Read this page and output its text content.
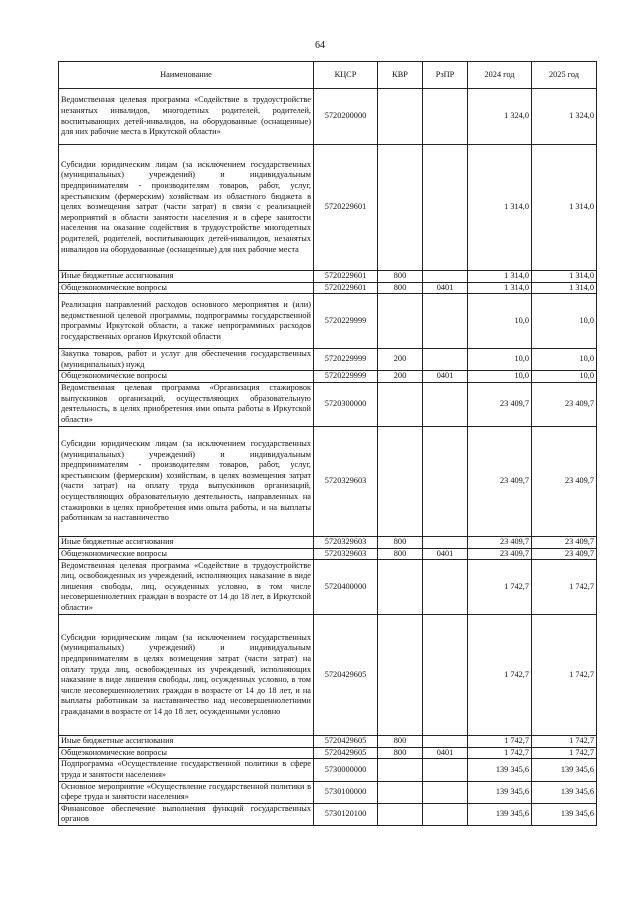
64
Наименование	КЦСР	КВР	РзПР	2024 год	2025 год
Ведомственная целевая программа «Содействие в трудоустройстве незанятых инвалидов, многодетных родителей, родителей, воспитывающих детей-инвалидов, на оборудованные (оснащенные) для них рабочие места в Иркутской области»	5720200000			1 324,0	1 324,0
Субсидии юридическим лицам (за исключением государственных (муниципальных) учреждений) и индивидуальным предпринимателям - производителям товаров, работ, услуг, крестьянским (фермерским) хозяйствам из областного бюджета в целях возмещения затрат (части затрат) в связи с реализацией мероприятий в области занятости населения и в сфере занятости населения на оказание содействия в трудоустройстве многодетных родителей, родителей, воспитывающих детей-инвалидов, незанятых инвалидов на оборудованные (оснащенные) для них рабочие места	5720229601			1 314,0	1 314,0
Иные бюджетные ассигнования	5720229601	800		1 314,0	1 314,0
Общеэкономические вопросы	5720229601	800	0401	1 314,0	1 314,0
Реализация направлений расходов основного мероприятия и (или) ведомственной целевой программы, подпрограммы государственной программы Иркутской области, а также непрограммных расходов государственных органов Иркутской области	5720229999			10,0	10,0
Закупка товаров, работ и услуг для обеспечения государственных (муниципальных) нужд	5720229999	200		10,0	10,0
Общеэкономические вопросы	5720229999	200	0401	10,0	10,0
Ведомственная целевая программа «Организация стажировок выпускников организаций, осуществляющих образовательную деятельность, в целях приобретения ими опыта работы в Иркутской области»	5720300000			23 409,7	23 409,7
Субсидии юридическим лицам (за исключением государственных (муниципальных) учреждений) и индивидуальным предпринимателям - производителям товаров, работ, услуг, крестьянским (фермерским) хозяйствам, в целях возмещения затрат (части затрат) на оплату труда выпускников организаций, осуществляющих образовательную деятельность, направленных на стажировки в целях приобретения ими опыта работы, и на выплаты работникам за наставничество	5720329603			23 409,7	23 409,7
Иные бюджетные ассигнования	5720329603	800		23 409,7	23 409,7
Общеэкономические вопросы	5720329603	800	0401	23 409,7	23 409,7
Ведомственная целевая программа «Содействие в трудоустройстве лиц, освобожденных из учреждений, исполняющих наказание в виде лишения свободы, лиц, осужденных условно, в том числе несовершеннолетних граждан в возрасте от 14 до 18 лет, в Иркутской области»	5720400000			1 742,7	1 742,7
Субсидии юридическим лицам (за исключением государственных (муниципальных) учреждений) и индивидуальным предпринимателям в целях возмещения затрат (части затрат) на оплату труда лиц, освобожденных из учреждений, исполняющих наказание в виде лишения свободы, лиц, осужденных условно, в том числе несовершеннолетних граждан в возрасте от 14 до 18 лет, и на выплаты работникам за наставничество над несовершеннолетними гражданами в возрасте от 14 до 18 лет, осужденными условно	5720429605			1 742,7	1 742,7
Иные бюджетные ассигнования	5720429605	800		1 742,7	1 742,7
Общеэкономические вопросы	5720429605	800	0401	1 742,7	1 742,7
Подпрограмма «Осуществление государственной политики в сфере труда и занятости населения»	5730000000			139 345,6	139 345,6
Основное мероприятие «Осуществление государственной политики в сфере труда и занятости населения»	5730100000			139 345,6	139 345,6
Финансовое обеспечение выполнения функций государственных органов	5730120100			139 345,6	139 345,6
